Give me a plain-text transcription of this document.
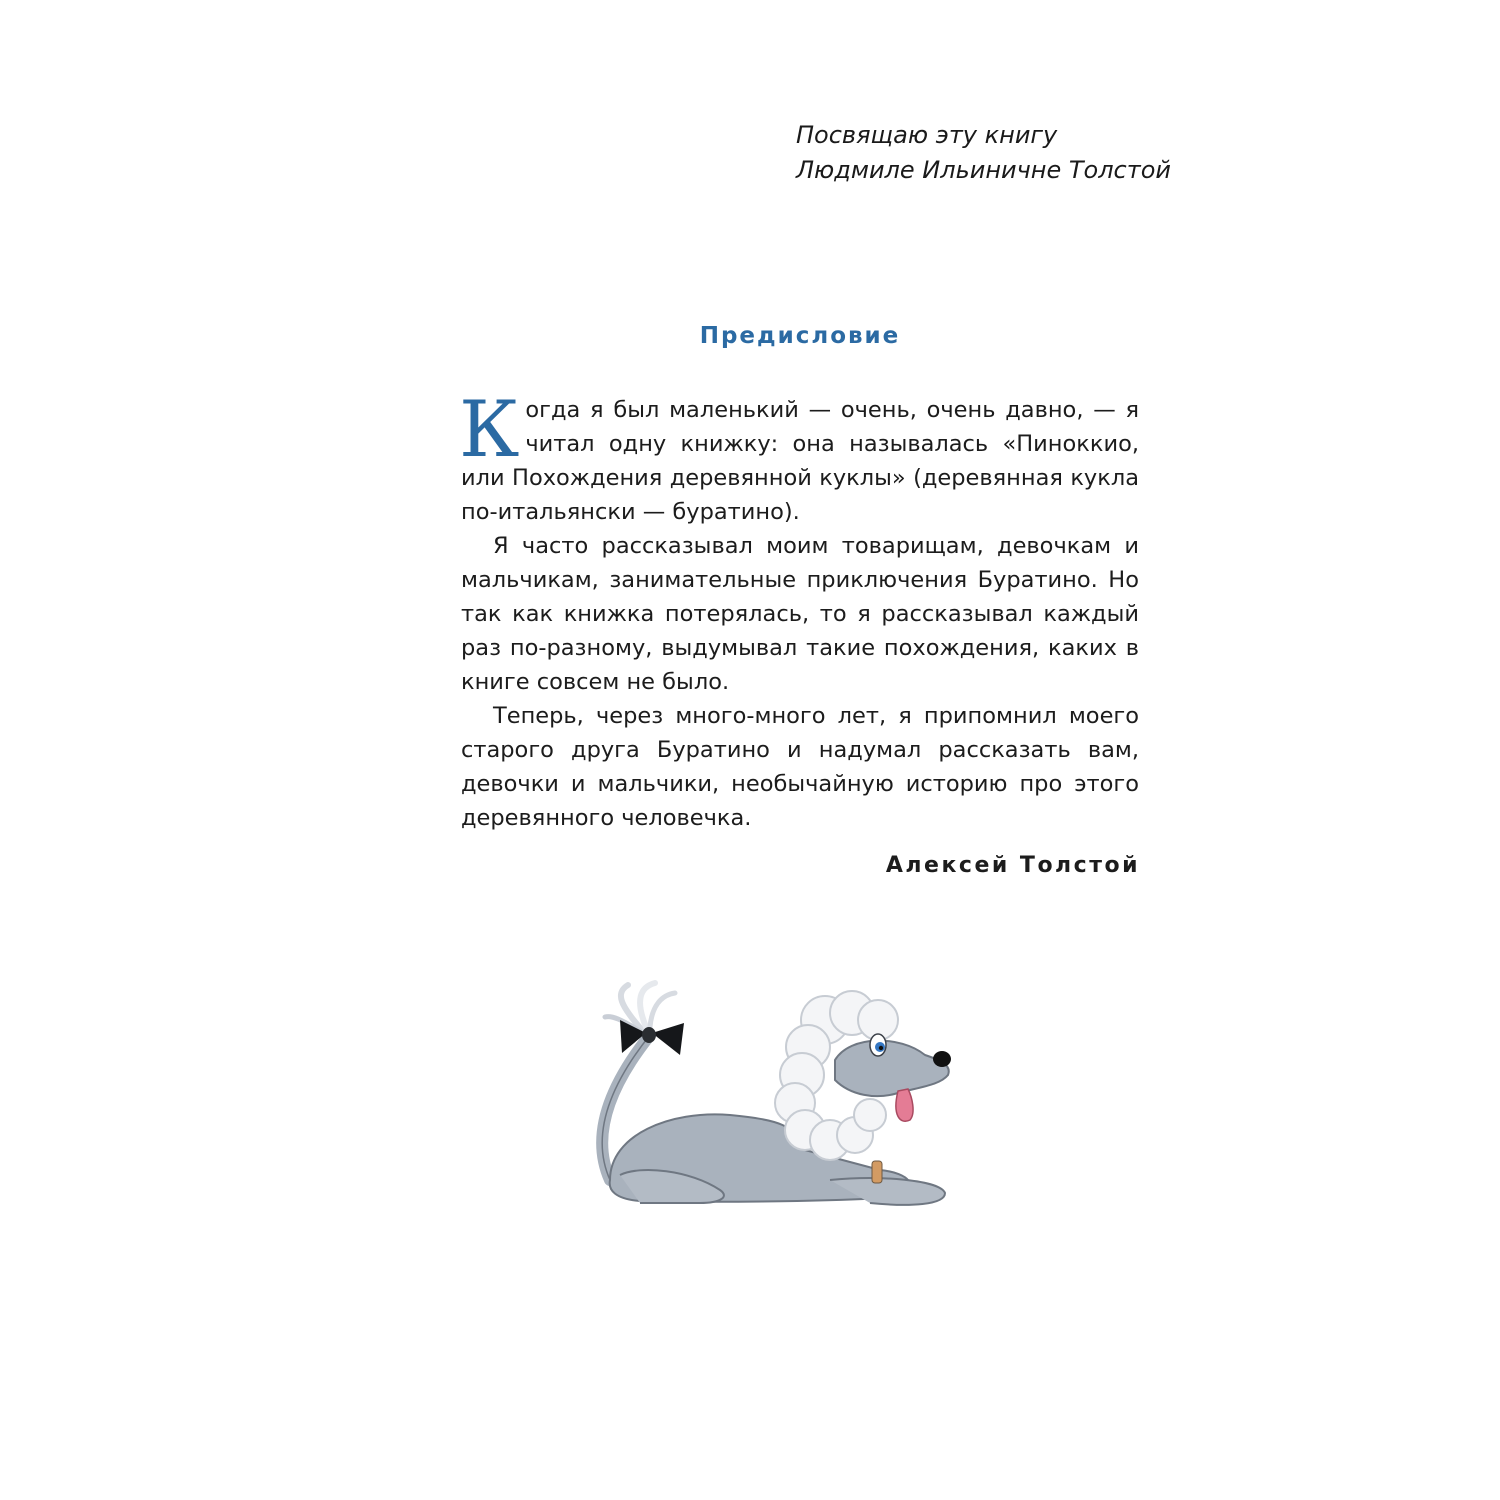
Посвящаю эту книгу
Людмиле Ильиничне Толстой
Предисловие

Когда я был маленький — очень, очень давно, — я читал одну книжку: она называлась «Пиноккио, или Похождения деревянной куклы» (деревянная кукла по-итальянски — буратино).

Я часто рассказывал моим товарищам, девочкам и мальчикам, занимательные приключения Буратино. Но так как книжка потерялась, то я рассказывал каждый раз по-разному, выдумывал такие похождения, каких в книге совсем не было.

Теперь, через много-много лет, я припомнил моего старого друга Буратино и надумал рассказать вам, девочки и мальчики, необычайную историю про этого деревянного человечка.

Алексей Толстой
